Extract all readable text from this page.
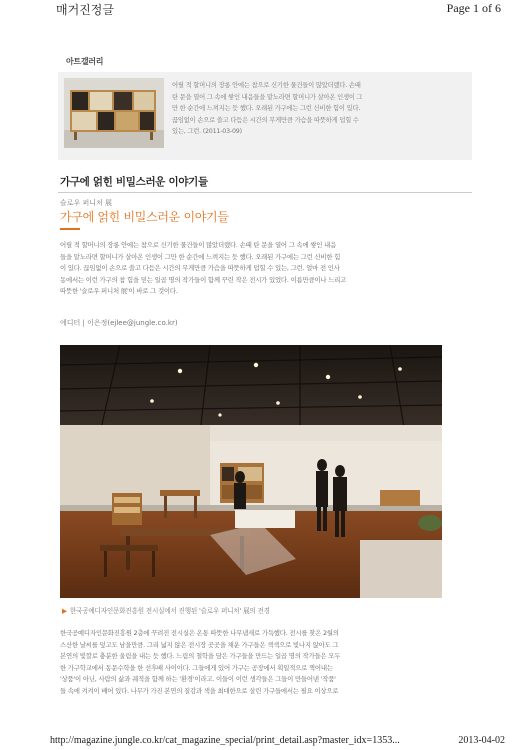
매거진정글	Page 1 of 6
아트갤러리
어릴 적 할머니의 장롱 안에는 참으로 신기한 물건들이 많았더랬다. 손때
탄 문을 열어 그 속에 쌓인 내음들을 맡노라면 할머니가 살아온 인생이 그
만 한 순간에 느껴지는 듯 했다. 오래된 가구에는 그런 신비한 힘이 있다.
끊임없이 손으로 쓸고 다듬은 시간의 무게만큼 가슴을 따뜻하게 덥힐 수
있는, 그런. (2011-03-09)
가구에 얽힌 비밀스러운 이야기들
슬로우 퍼니처 展
가구에 얽힌 비밀스러운 이야기들
어릴 적 할머니의 장롱 안에는 참으로 신기한 물건들이 많았더랬다. 손때 탄 문을 열어 그 속에 쌓인 내음
들을 맡노라면 할머니가 살아온 인생이 그만 한 순간에 느껴지는 듯 했다. 오래된 가구에는 그런 신비한 힘
이 있다. 끊임없이 손으로 쓸고 다듬은 시간의 무게만큼 가슴을 따뜻하게 덥힐 수 있는, 그런. 얼마 전 인사
동에서는 이런 가구의 참 힘을 믿는 일곱 명의 작가들이 함께 꾸린 작은 전시가 있었다. 이름만큼이나 느리고
따뜻한 '슬로우 퍼니처 展'이 바로 그 것이다.
에디터 | 이은정(ejlee@jungle.co.kr)
▶ 한국공예디자인문화진흥원 전시실에서 진행된 '슬로우 퍼니처' 展의 전경
한국공예디자인문화진흥원 2층에 꾸려진 전시실은 온통 따뜻한 나무냄새로 가득했다. 전시를 찾은 2월의
스산한 날씨를 덮고도 남을만큼. 그리 넓지 않은 전시장 곳곳을 채운 가구들은 색색으로 빛나지 않아도 그
본연의 빛깔로 충분한 울림을 내는 듯 했다. 느림의 철학을 담은 가구들을 만드는 일곱 명의 작가들은 모두
한 가구학교에서 동문수학을 한 선후배 사이이다. 그들에게 있어 가구는 공장에서 획일적으로 찍어내는
'상품'이 아닌, 사람의 삶과 궤적을 함께 하는 '환경'이라고. 이들이 이런 생각들은 그들이 만들어낸 '작품'
들 속에 켜켜이 배어 있다. 나무가 가진 본연의 질감과 색을 최대한으로 살린 가구들에서는 필요 이상으로
http://magazine.jungle.co.kr/cat_magazine_special/print_detail.asp?master_idx=1353...	2013-04-02
